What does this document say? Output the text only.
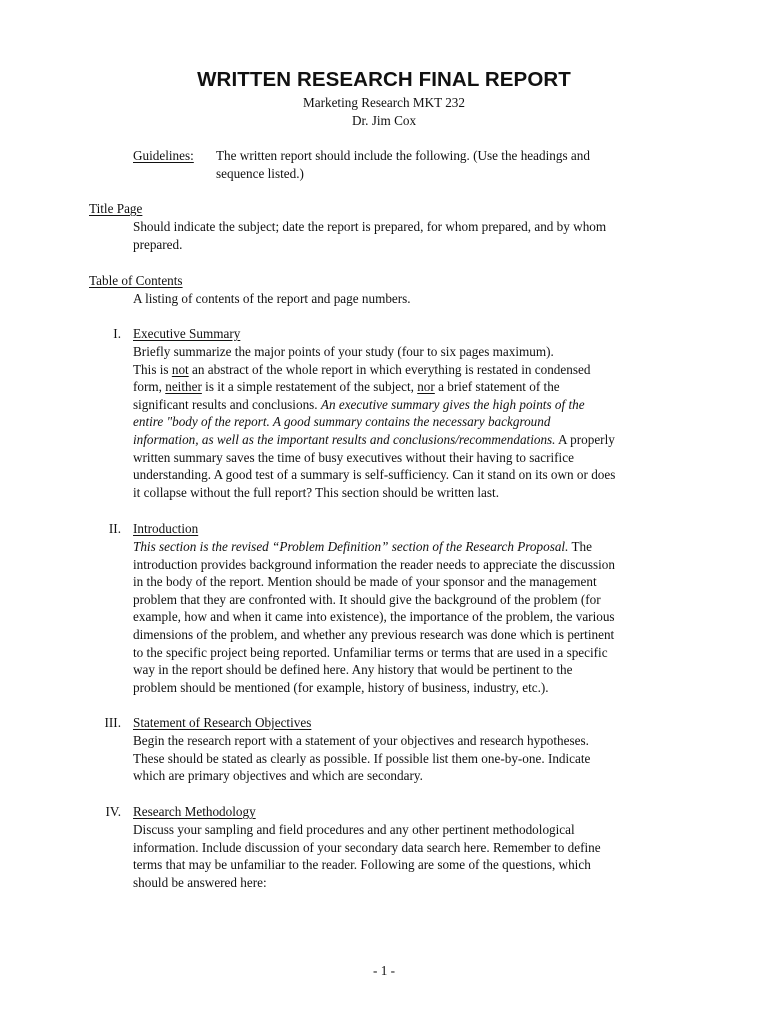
WRITTEN RESEARCH FINAL REPORT
Marketing Research MKT 232
Dr. Jim Cox
Guidelines: The written report should include the following. (Use the headings and
sequence listed.)
Title Page
Should indicate the subject; date the report is prepared, for whom prepared, and by whom
prepared.
Table of Contents
A listing of contents of the report and page numbers.
I. Executive Summary
Briefly summarize the major points of your study (four to six pages maximum).
This is not an abstract of the whole report in which everything is restated in condensed
form, neither is it a simple restatement of the subject, nor a brief statement of the
significant results and conclusions. An executive summary gives the high points of the
entire "body of the report. A good summary contains the necessary background
information, as well as the important results and conclusions/recommendations. A properly
written summary saves the time of busy executives without their having to sacrifice
understanding. A good test of a summary is self-sufficiency. Can it stand on its own or does
it collapse without the full report? This section should be written last.
II. Introduction
This section is the revised “Problem Definition” section of the Research Proposal. The
introduction provides background information the reader needs to appreciate the discussion
in the body of the report. Mention should be made of your sponsor and the management
problem that they are confronted with. It should give the background of the problem (for
example, how and when it came into existence), the importance of the problem, the various
dimensions of the problem, and whether any previous research was done which is pertinent
to the specific project being reported. Unfamiliar terms or terms that are used in a specific
way in the report should be defined here. Any history that would be pertinent to the
problem should be mentioned (for example, history of business, industry, etc.).
III. Statement of Research Objectives
Begin the research report with a statement of your objectives and research hypotheses.
These should be stated as clearly as possible. If possible list them one-by-one. Indicate
which are primary objectives and which are secondary.
IV. Research Methodology
Discuss your sampling and field procedures and any other pertinent methodological
information. Include discussion of your secondary data search here. Remember to define
terms that may be unfamiliar to the reader. Following are some of the questions, which
should be answered here:
- 1 -
